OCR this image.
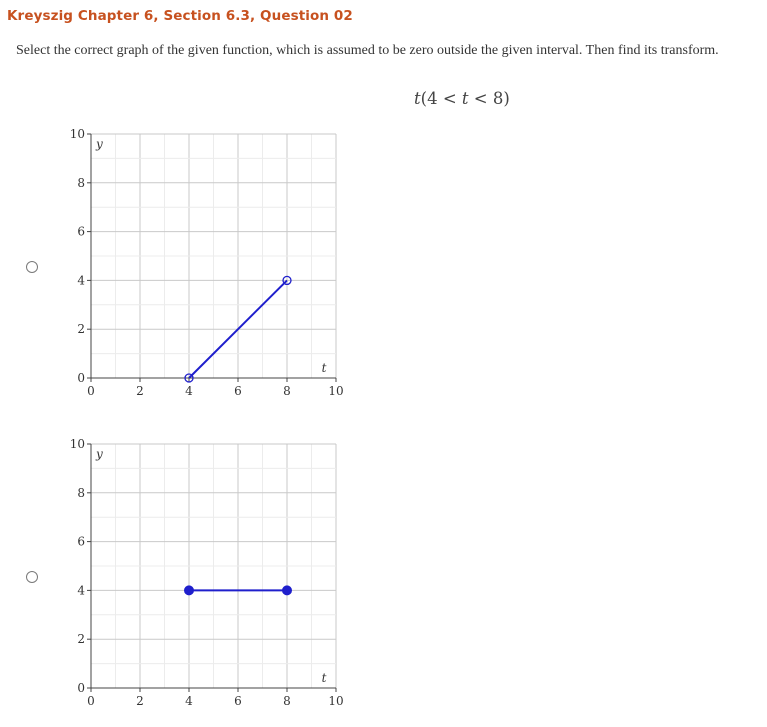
Kreyszig Chapter 6, Section 6.3, Question 02
Select the correct graph of the given function, which is assumed to be zero outside the given interval. Then find its transform.
t(4 < t < 8)
0
2
4
6
8
10
0	2	4	6	8	10
y
t
0
2
4
6
8
10
0	2	4	6	8	10
y
t
